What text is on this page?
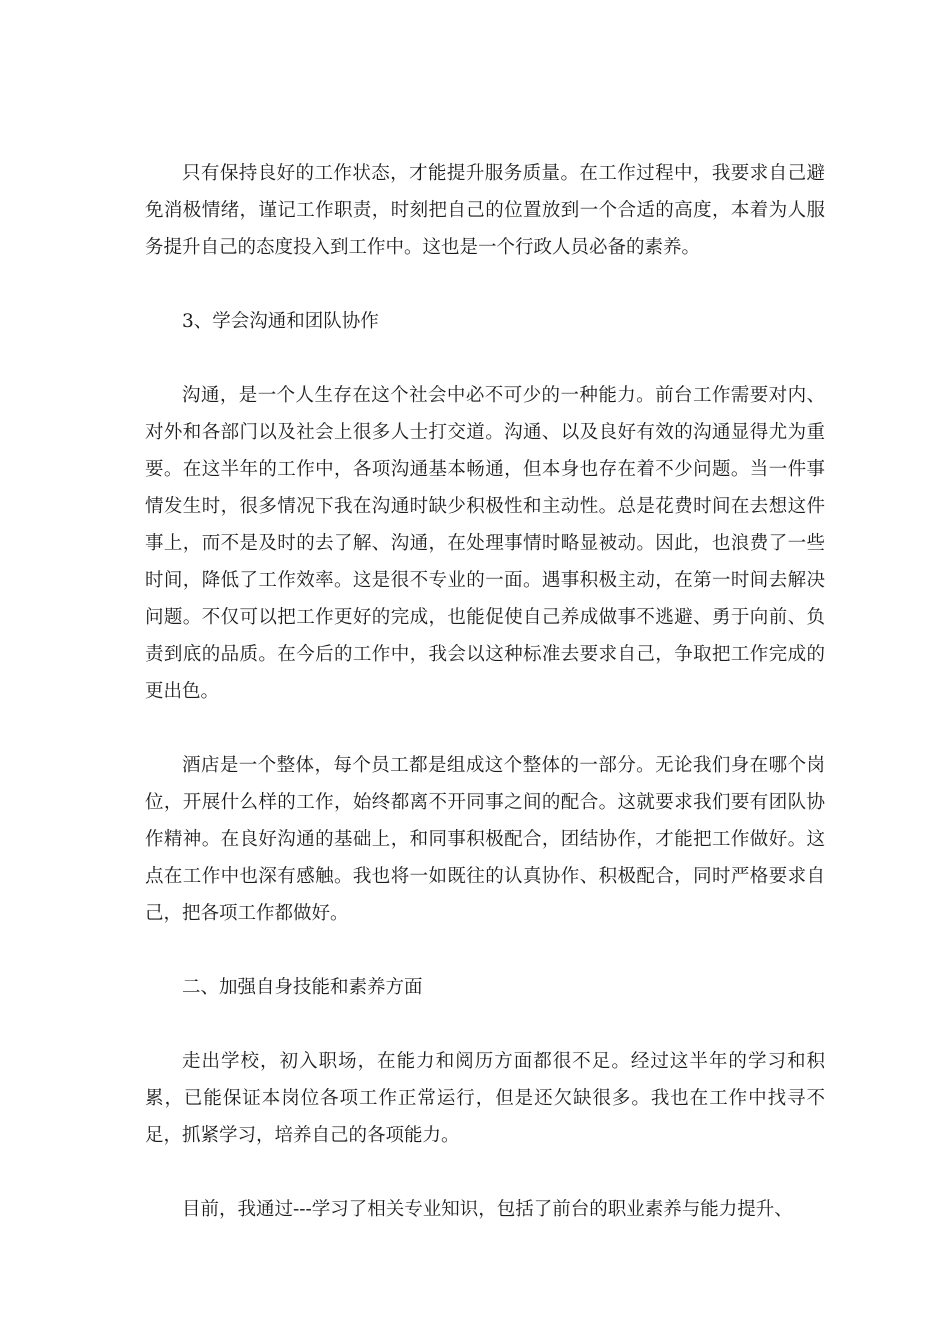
只有保持良好的工作状态，才能提升服务质量。在工作过程中，我要求自己避免消极情绪，谨记工作职责，时刻把自己的位置放到一个合适的高度，本着为人服务提升自己的态度投入到工作中。这也是一个行政人员必备的素养。

3、学会沟通和团队协作

沟通，是一个人生存在这个社会中必不可少的一种能力。前台工作需要对内、对外和各部门以及社会上很多人士打交道。沟通、以及良好有效的沟通显得尤为重要。在这半年的工作中，各项沟通基本畅通，但本身也存在着不少问题。当一件事情发生时，很多情况下我在沟通时缺少积极性和主动性。总是花费时间在去想这件事上，而不是及时的去了解、沟通，在处理事情时略显被动。因此，也浪费了一些时间，降低了工作效率。这是很不专业的一面。遇事积极主动，在第一时间去解决问题。不仅可以把工作更好的完成，也能促使自己养成做事不逃避、勇于向前、负责到底的品质。在今后的工作中，我会以这种标准去要求自己，争取把工作完成的更出色。

酒店是一个整体，每个员工都是组成这个整体的一部分。无论我们身在哪个岗位，开展什么样的工作，始终都离不开同事之间的配合。这就要求我们要有团队协作精神。在良好沟通的基础上，和同事积极配合，团结协作，才能把工作做好。这点在工作中也深有感触。我也将一如既往的认真协作、积极配合，同时严格要求自己，把各项工作都做好。

二、加强自身技能和素养方面

走出学校，初入职场，在能力和阅历方面都很不足。经过这半年的学习和积累，已能保证本岗位各项工作正常运行，但是还欠缺很多。我也在工作中找寻不足，抓紧学习，培养自己的各项能力。

目前，我通过---学习了相关专业知识，包括了前台的职业素养与能力提升、
